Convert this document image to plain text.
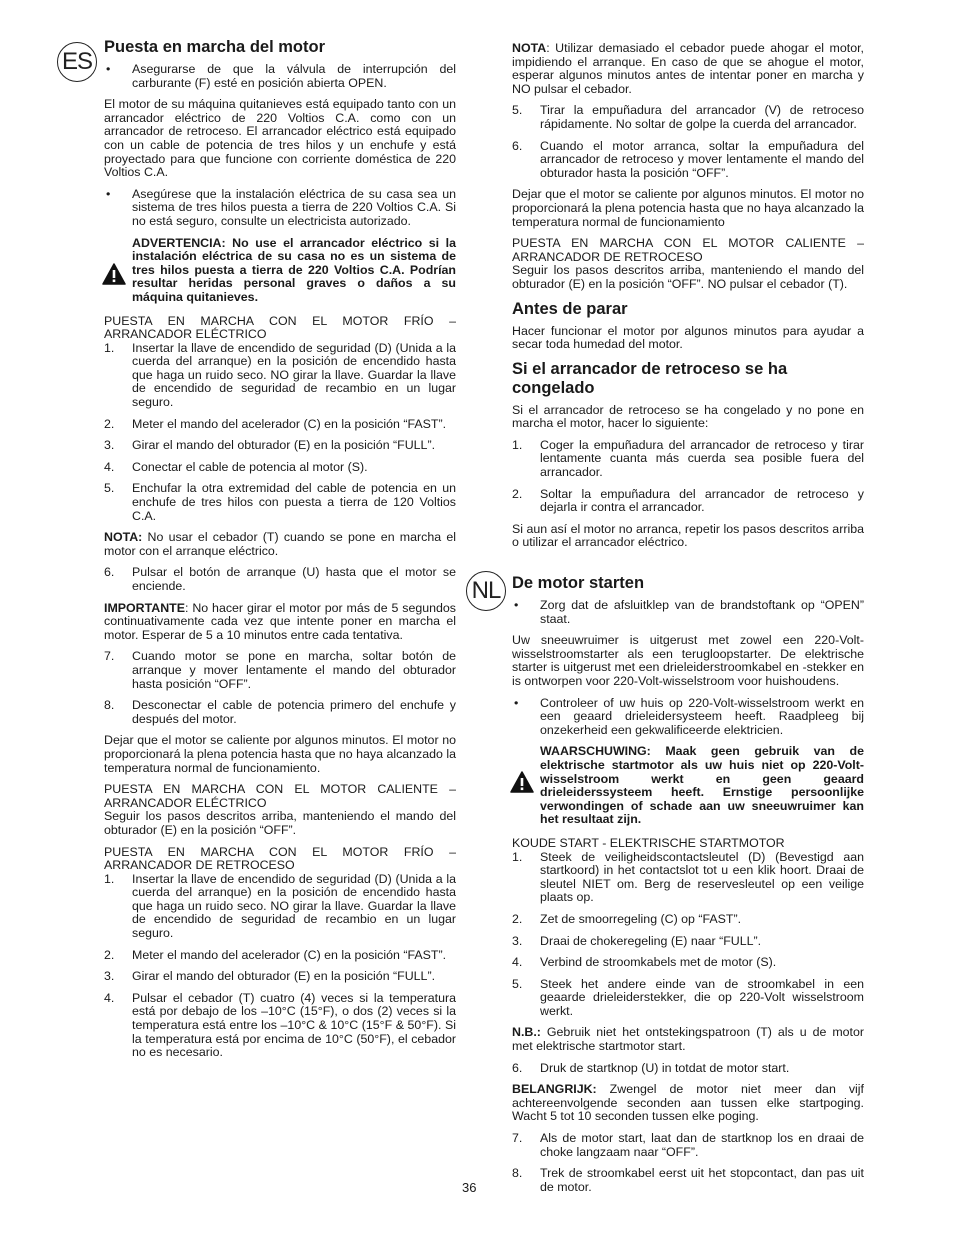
ES
NL
Puesta en marcha del motor
•	Asegurarse de que la válvula de interrupción del carburante (F) esté en posición abierta OPEN.

El motor de su máquina quitanieves está equipado tanto con un arrancador eléctrico de 220 Voltios C.A. como con un arrancador de retroceso. El arrancador eléctrico está equipado con un cable de potencia de tres hilos y un enchufe y está proyectado para que funcione con corriente doméstica de 220 Voltios C.A.

•	Asegúrese que la instalación eléctrica de su casa sea un sistema de tres hilos puesta a tierra de 220 Voltios C.A. Si no está seguro, consulte un electricista autorizado.
ADVERTENCIA: No use el arrancador eléctrico si la instalación eléctrica de su casa no es un sistema de tres hilos puesta a tierra de 220 Voltios C.A. Podrían resultar heridas personal graves o daños a su máquina quitanieves.

PUESTA EN MARCHA CON EL MOTOR FRÍO – ARRANCADOR ELÉCTRICO

1.	Insertar la llave de encendido de seguridad (D) (Unida a la cuerda del arranque) en la posición de encendido hasta que haga un ruido seco. NO girar la llave. Guardar la llave de encendido de seguridad de recambio en un lugar seguro.
2.	Meter el mando del acelerador (C) en la posición “FAST”.
3.	Girar el mando del obturador (E) en la posición “FULL”.
4.	Conectar el cable de potencia al motor (S).
5.	Enchufar la otra extremidad del cable de potencia en un enchufe de tres hilos con puesta a tierra de 120 Voltios C.A.

NOTA: No usar el cebador (T) cuando se pone en marcha el motor con el arranque eléctrico.

6.	Pulsar el botón de arranque (U) hasta que el motor se enciende.

IMPORTANTE: No hacer girar el motor por más de 5 segundos continuativamente cada vez que intente poner en marcha el motor. Esperar de 5 a 10 minutos entre cada tentativa.

7.	Cuando motor se pone en marcha, soltar botón de arranque y mover lentamente el mando del obturador hasta posición “OFF”.
8.	Desconectar el cable de potencia primero del enchufe y después del motor.

Dejar que el motor se caliente por algunos minutos. El motor no proporcionará la plena potencia hasta que no haya alcanzado la temperatura normal de funcionamiento.

PUESTA EN MARCHA CON EL MOTOR CALIENTE – ARRANCADOR ELÉCTRICO

Seguir los pasos descritos arriba, manteniendo el mando del obturador (E) en la posición “OFF”.

PUESTA EN MARCHA CON EL MOTOR FRÍO – ARRANCADOR DE RETROCESO

1.	Insertar la llave de encendido de seguridad (D) (Unida a la cuerda del arranque) en la posición de encendido hasta que haga un ruido seco. NO girar la llave. Guardar la llave de encendido de seguridad de recambio en un lugar seguro.
2.	Meter el mando del acelerador (C) en la posición “FAST”.
3.	Girar el mando del obturador (E) en la posición “FULL”.
4.	Pulsar el cebador (T) cuatro (4) veces si la temperatura está por debajo de los –10°C (15°F), o dos (2) veces si la temperatura está entre los –10°C & 10°C (15°F & 50°F). Si la temperatura está por encima de 10°C (50°F), el cebador no es necesario.

NOTA: Utilizar demasiado el cebador puede ahogar el motor, impidiendo el arranque. En caso de que se ahogue el motor, esperar algunos minutos antes de intentar poner en marcha y NO pulsar el cebador.

5.	Tirar la empuñadura del arrancador (V) de retroceso rápidamente. No soltar de golpe la cuerda del arrancador.
6.	Cuando el motor arranca, soltar la empuñadura del arrancador de retroceso y mover lentamente el mando del obturador hasta la posición “OFF”.

Dejar que el motor se caliente por algunos minutos. El motor no proporcionará la plena potencia hasta que no haya alcanzado la temperatura normal de funcionamiento

PUESTA EN MARCHA CON EL MOTOR CALIENTE – ARRANCADOR DE RETROCESO

Seguir los pasos descritos arriba, manteniendo el mando del obturador (E) en la posición “OFF”. NO pulsar el cebador (T).

Antes de parar

Hacer funcionar el motor por algunos minutos para ayudar a secar toda humedad del motor.

Si el arrancador de retroceso se ha congelado

Si el arrancador de retroceso se ha congelado y no pone en marcha el motor, hacer lo siguiente:

1.	Coger la empuñadura del arrancador de retroceso y tirar lentamente cuanta más cuerda sea posible fuera del arrancador.
2.	Soltar la empuñadura del arrancador de retroceso y dejarla ir contra el arrancador.

Si aun así el motor no arranca, repetir los pasos descritos arriba o utilizar el arrancador eléctrico.

De motor starten
•	Zorg dat de afsluitklep van de brandstoftank op “OPEN” staat.

Uw sneeuwruimer is uitgerust met zowel een 220-Volt-wisselstroomstarter als een terugloopstarter. De elektrische starter is uitgerust met een drieleiderstroomkabel en -stekker en is ontworpen voor 220-Volt-wisselstroom voor huishoudens.

•	Controleer of uw huis op 220-Volt-wisselstroom werkt en een geaard drieleidersysteem heeft. Raadpleeg bij onzekerheid een gekwalificeerde elektricien.
WAARSCHUWING: Maak geen gebruik van de elektrische startmotor als uw huis niet op 220-Volt-wisselstroom werkt en geen geaard drieleiderssysteem heeft. Ernstige persoonlijke verwondingen of schade aan uw sneeuwruimer kan het resultaat zijn.

KOUDE START - ELEKTRISCHE STARTMOTOR

1.	Steek de veiligheidscontactsleutel (D) (Bevestigd aan startkoord) in het contactslot tot u een klik hoort. Draai de sleutel NIET om. Berg de reservesleutel op een veilige plaats op.
2.	Zet de smoorregeling (C) op “FAST”.
3.	Draai de chokeregeling (E) naar “FULL”.
4.	Verbind de stroomkabels met de motor (S).
5.	Steek het andere einde van de stroomkabel in een geaarde drieleiderstekker, die op 220-Volt wisselstroom werkt.

N.B.: Gebruik niet het ontstekingspatroon (T) als u de motor met elektrische startmotor start.

6.	Druk de startknop (U) in totdat de motor start.

BELANGRIJK: Zwengel de motor niet meer dan vijf achtereenvolgende seconden aan tussen elke startpoging. Wacht 5 tot 10 seconden tussen elke poging.

7.	Als de motor start, laat dan de startknop los en draai de choke langzaam naar “OFF”.
8.	Trek de stroomkabel eerst uit het stopcontact, dan pas uit de motor.
36
